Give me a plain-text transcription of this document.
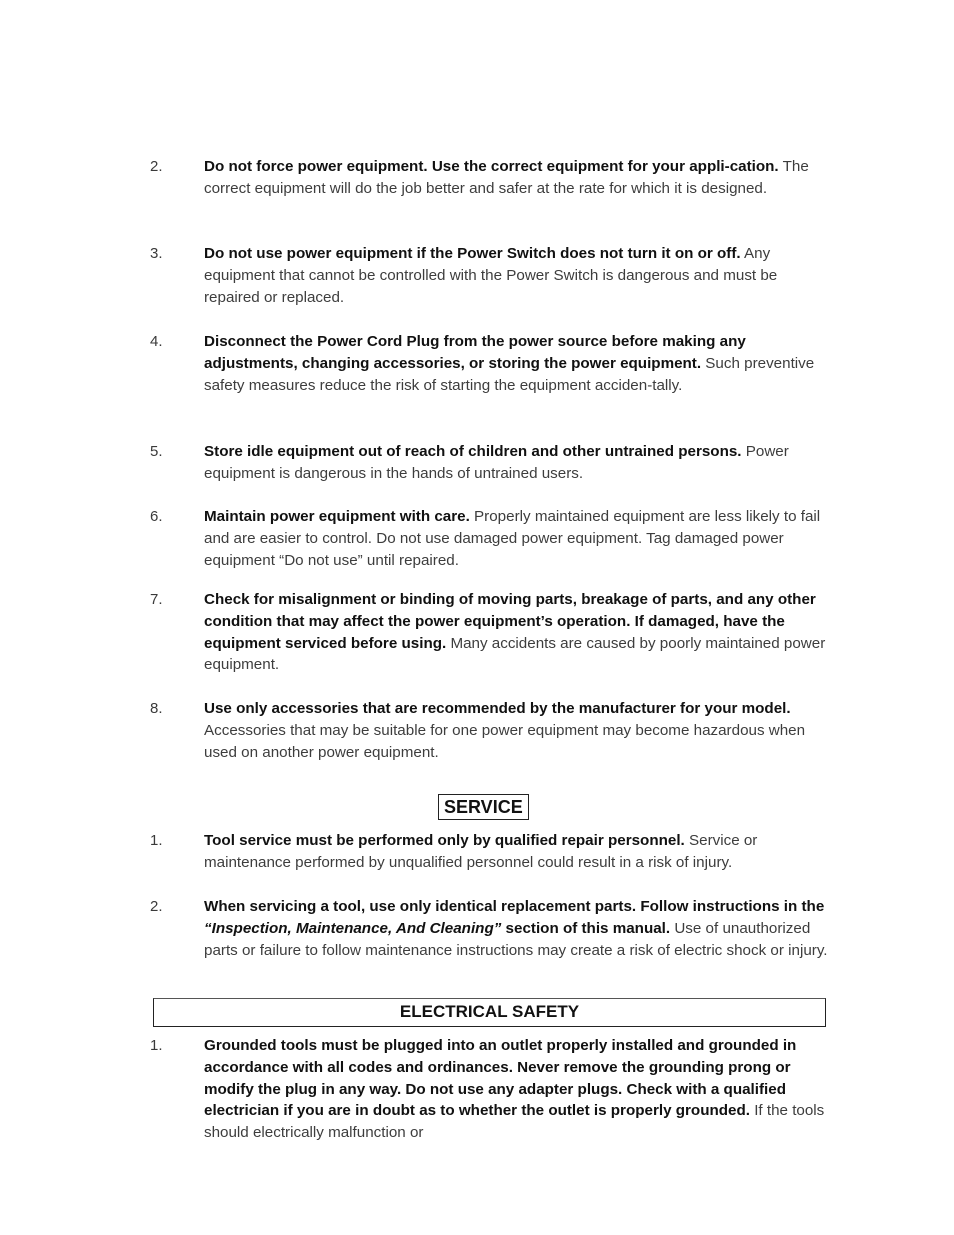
2.	Do not force power equipment. Use the correct equipment for your appli-cation. The correct equipment will do the job better and safer at the rate for which it is designed.
3.	Do not use power equipment if the Power Switch does not turn it on or off. Any equipment that cannot be controlled with the Power Switch is dangerous and must be repaired or replaced.
4.	Disconnect the Power Cord Plug from the power source before making any adjustments, changing accessories, or storing the power equipment. Such preventive safety measures reduce the risk of starting the equipment acciden-tally.
5.	Store idle equipment out of reach of children and other untrained persons. Power equipment is dangerous in the hands of untrained users.
6.	Maintain power equipment with care. Properly maintained equipment are less likely to fail and are easier to control. Do not use damaged power equipment. Tag damaged power equipment “Do not use” until repaired.
7.	Check for misalignment or binding of moving parts, breakage of parts, and any other condition that may affect the power equipment’s operation. If damaged, have the equipment serviced before using. Many accidents are caused by poorly maintained power equipment.
8.	Use only accessories that are recommended by the manufacturer for your model. Accessories that may be suitable for one power equipment may become hazardous when used on another power equipment.
SERVICE
1.	Tool service must be performed only by qualified repair personnel. Service or maintenance performed by unqualified personnel could result in a risk of injury.
2.	When servicing a tool, use only identical replacement parts. Follow instructions in the “Inspection, Maintenance, And Cleaning” section of this manual. Use of unauthorized parts or failure to follow maintenance instructions may create a risk of electric shock or injury.
ELECTRICAL SAFETY
1.	Grounded tools must be plugged into an outlet properly installed and grounded in accordance with all codes and ordinances. Never remove the grounding prong or modify the plug in any way. Do not use any adapter plugs. Check with a qualified electrician if you are in doubt as to whether the outlet is properly grounded. If the tools should electrically malfunction or
